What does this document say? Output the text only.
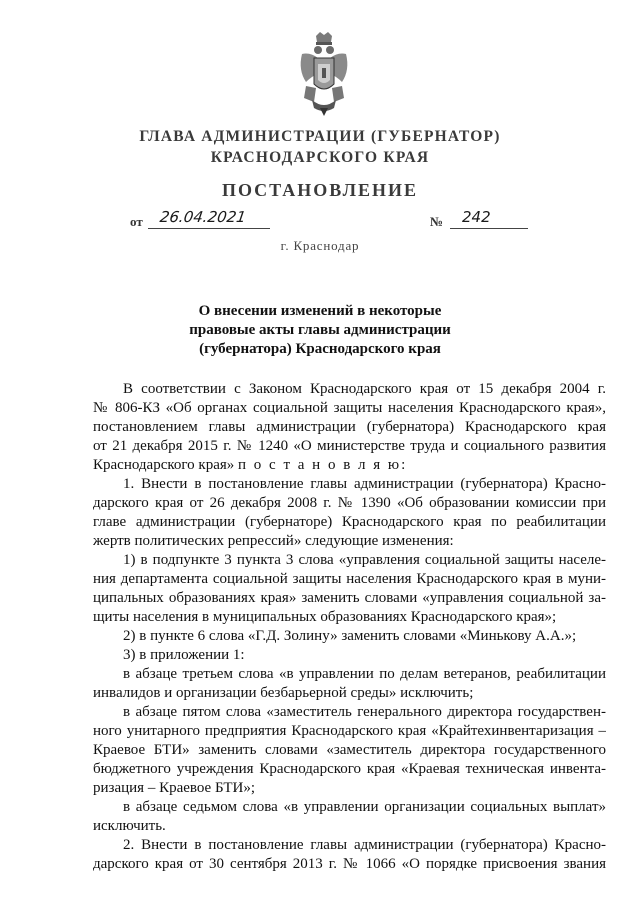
ГЛАВА АДМИНИСТРАЦИИ (ГУБЕРНАТОР)
КРАСНОДАРСКОГО КРАЯ
ПОСТАНОВЛЕНИЕ
от 26.04.2021	№ 242
г. Краснодар
О внесении изменений в некоторые
правовые акты главы администрации
(губернатора) Краснодарского края
В соответствии с Законом Краснодарского края от 15 декабря 2004 г.
№ 806-КЗ «Об органах социальной защиты населения Краснодарского края»,
постановлением главы администрации (губернатора) Краснодарского края
от 21 декабря 2015 г. № 1240 «О министерстве труда и социального развития
Краснодарского края» п о с т а н о в л я ю:
1. Внести в постановление главы администрации (губернатора) Красно-
дарского края от 26 декабря 2008 г. № 1390 «Об образовании комиссии при
главе администрации (губернаторе) Краснодарского края по реабилитации
жертв политических репрессий» следующие изменения:
1) в подпункте 3 пункта 3 слова «управления социальной защиты населе-
ния департамента социальной защиты населения Краснодарского края в муни-
ципальных образованиях края» заменить словами «управления социальной за-
щиты населения в муниципальных образованиях Краснодарского края»;
2) в пункте 6 слова «Г.Д. Золину» заменить словами «Минькову А.А.»;
3) в приложении 1:
в абзаце третьем слова «в управлении по делам ветеранов, реабилитации
инвалидов и организации безбарьерной среды» исключить;
в абзаце пятом слова «заместитель генерального директора государствен-
ного унитарного предприятия Краснодарского края «Крайтехинвентаризация –
Краевое БТИ» заменить словами «заместитель директора государственного
бюджетного учреждения Краснодарского края «Краевая техническая инвента-
ризация – Краевое БТИ»;
в абзаце седьмом слова «в управлении организации социальных выплат»
исключить.
2. Внести в постановление главы администрации (губернатора) Красно-
дарского края от 30 сентября 2013 г. № 1066 «О порядке присвоения звания
